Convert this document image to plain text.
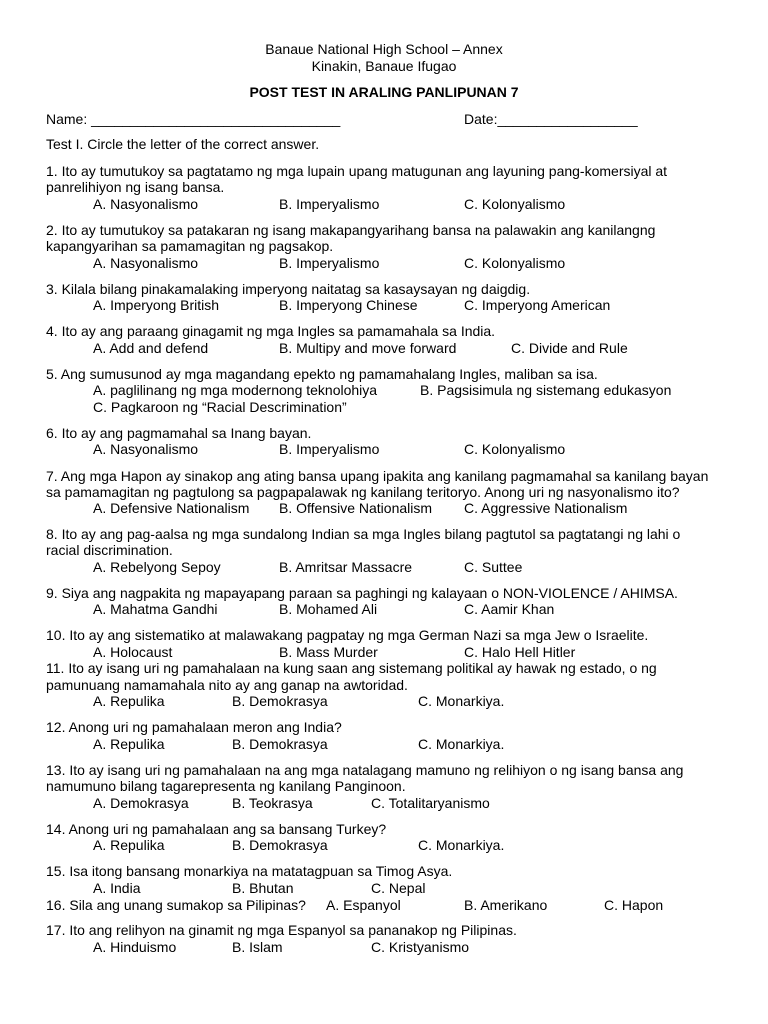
Banaue National High School – Annex
Kinakin, Banaue Ifugao
POST TEST IN ARALING PANLIPUNAN 7
Name: ________________________________	Date:__________________
Test I. Circle the letter of the correct answer.
1. Ito ay tumutukoy sa pagtatamo ng mga lupain upang matugunan ang layuning pang-komersiyal at
panrelihiyon ng isang bansa.
A. Nasyonalismo	B. Imperyalismo	C. Kolonyalismo
2. Ito ay tumutukoy sa patakaran ng isang makapangyarihang bansa na palawakin ang kanilangng
kapangyarihan sa pamamagitan ng pagsakop.
A. Nasyonalismo	B. Imperyalismo	C. Kolonyalismo
3. Kilala bilang pinakamalaking imperyong naitatag sa kasaysayan ng daigdig.
A. Imperyong British	B. Imperyong Chinese	C. Imperyong American
4. Ito ay ang paraang ginagamit ng mga Ingles sa pamamahala sa India.
A. Add and defend	B. Multipy and move forward	C. Divide and Rule
5. Ang sumusunod ay mga magandang epekto ng pamamahalang Ingles, maliban sa isa.
A. paglilinang ng mga modernong teknolohiya	B. Pagsisimula ng sistemang edukasyon
C. Pagkaroon ng “Racial Descrimination”
6. Ito ay ang pagmamahal sa Inang bayan.
A. Nasyonalismo	B. Imperyalismo	C. Kolonyalismo
7. Ang mga Hapon ay sinakop ang ating bansa upang ipakita ang kanilang pagmamahal sa kanilang bayan
sa pamamagitan ng pagtulong sa pagpapalawak ng kanilang teritoryo. Anong uri ng nasyonalismo ito?
A. Defensive Nationalism B. Offensive Nationalism C. Aggressive Nationalism
8. Ito ay ang pag-aalsa ng mga sundalong Indian sa mga Ingles bilang pagtutol sa pagtatangi ng lahi o
racial discrimination.
A. Rebelyong Sepoy	B. Amritsar Massacre	C. Suttee
9. Siya ang nagpakita ng mapayapang paraan sa paghingi ng kalayaan o NON-VIOLENCE / AHIMSA.
A. Mahatma Gandhi	B. Mohamed Ali	C. Aamir Khan
10. Ito ay ang sistematiko at malawakang pagpatay ng mga German Nazi sa mga Jew o Israelite.
A. Holocaust	B. Mass Murder	C. Halo Hell Hitler
11. Ito ay isang uri ng pamahalaan na kung saan ang sistemang politikal ay hawak ng estado, o ng
pamunuang namamahala nito ay ang ganap na awtoridad.
A. Repulika	B. Demokrasya	C. Monarkiya.
12. Anong uri ng pamahalaan meron ang India?
A. Repulika	B. Demokrasya	C. Monarkiya.
13. Ito ay isang uri ng pamahalaan na ang mga natalagang mamuno ng relihiyon o ng isang bansa ang
namumuno bilang tagarepresenta ng kanilang Panginoon.
A. Demokrasya	B. Teokrasya	C. Totalitaryanismo
14. Anong uri ng pamahalaan ang sa bansang Turkey?
A. Repulika	B. Demokrasya	C. Monarkiya.
15. Isa itong bansang monarkiya na matatagpuan sa Timog Asya.
A. India	B. Bhutan	C. Nepal
16. Sila ang unang sumakop sa Pilipinas? A. Espanyol	B. Amerikano	C. Hapon
17. Ito ang relihyon na ginamit ng mga Espanyol sa pananakop ng Pilipinas.
A. Hinduismo	B. Islam	C. Kristyanismo
